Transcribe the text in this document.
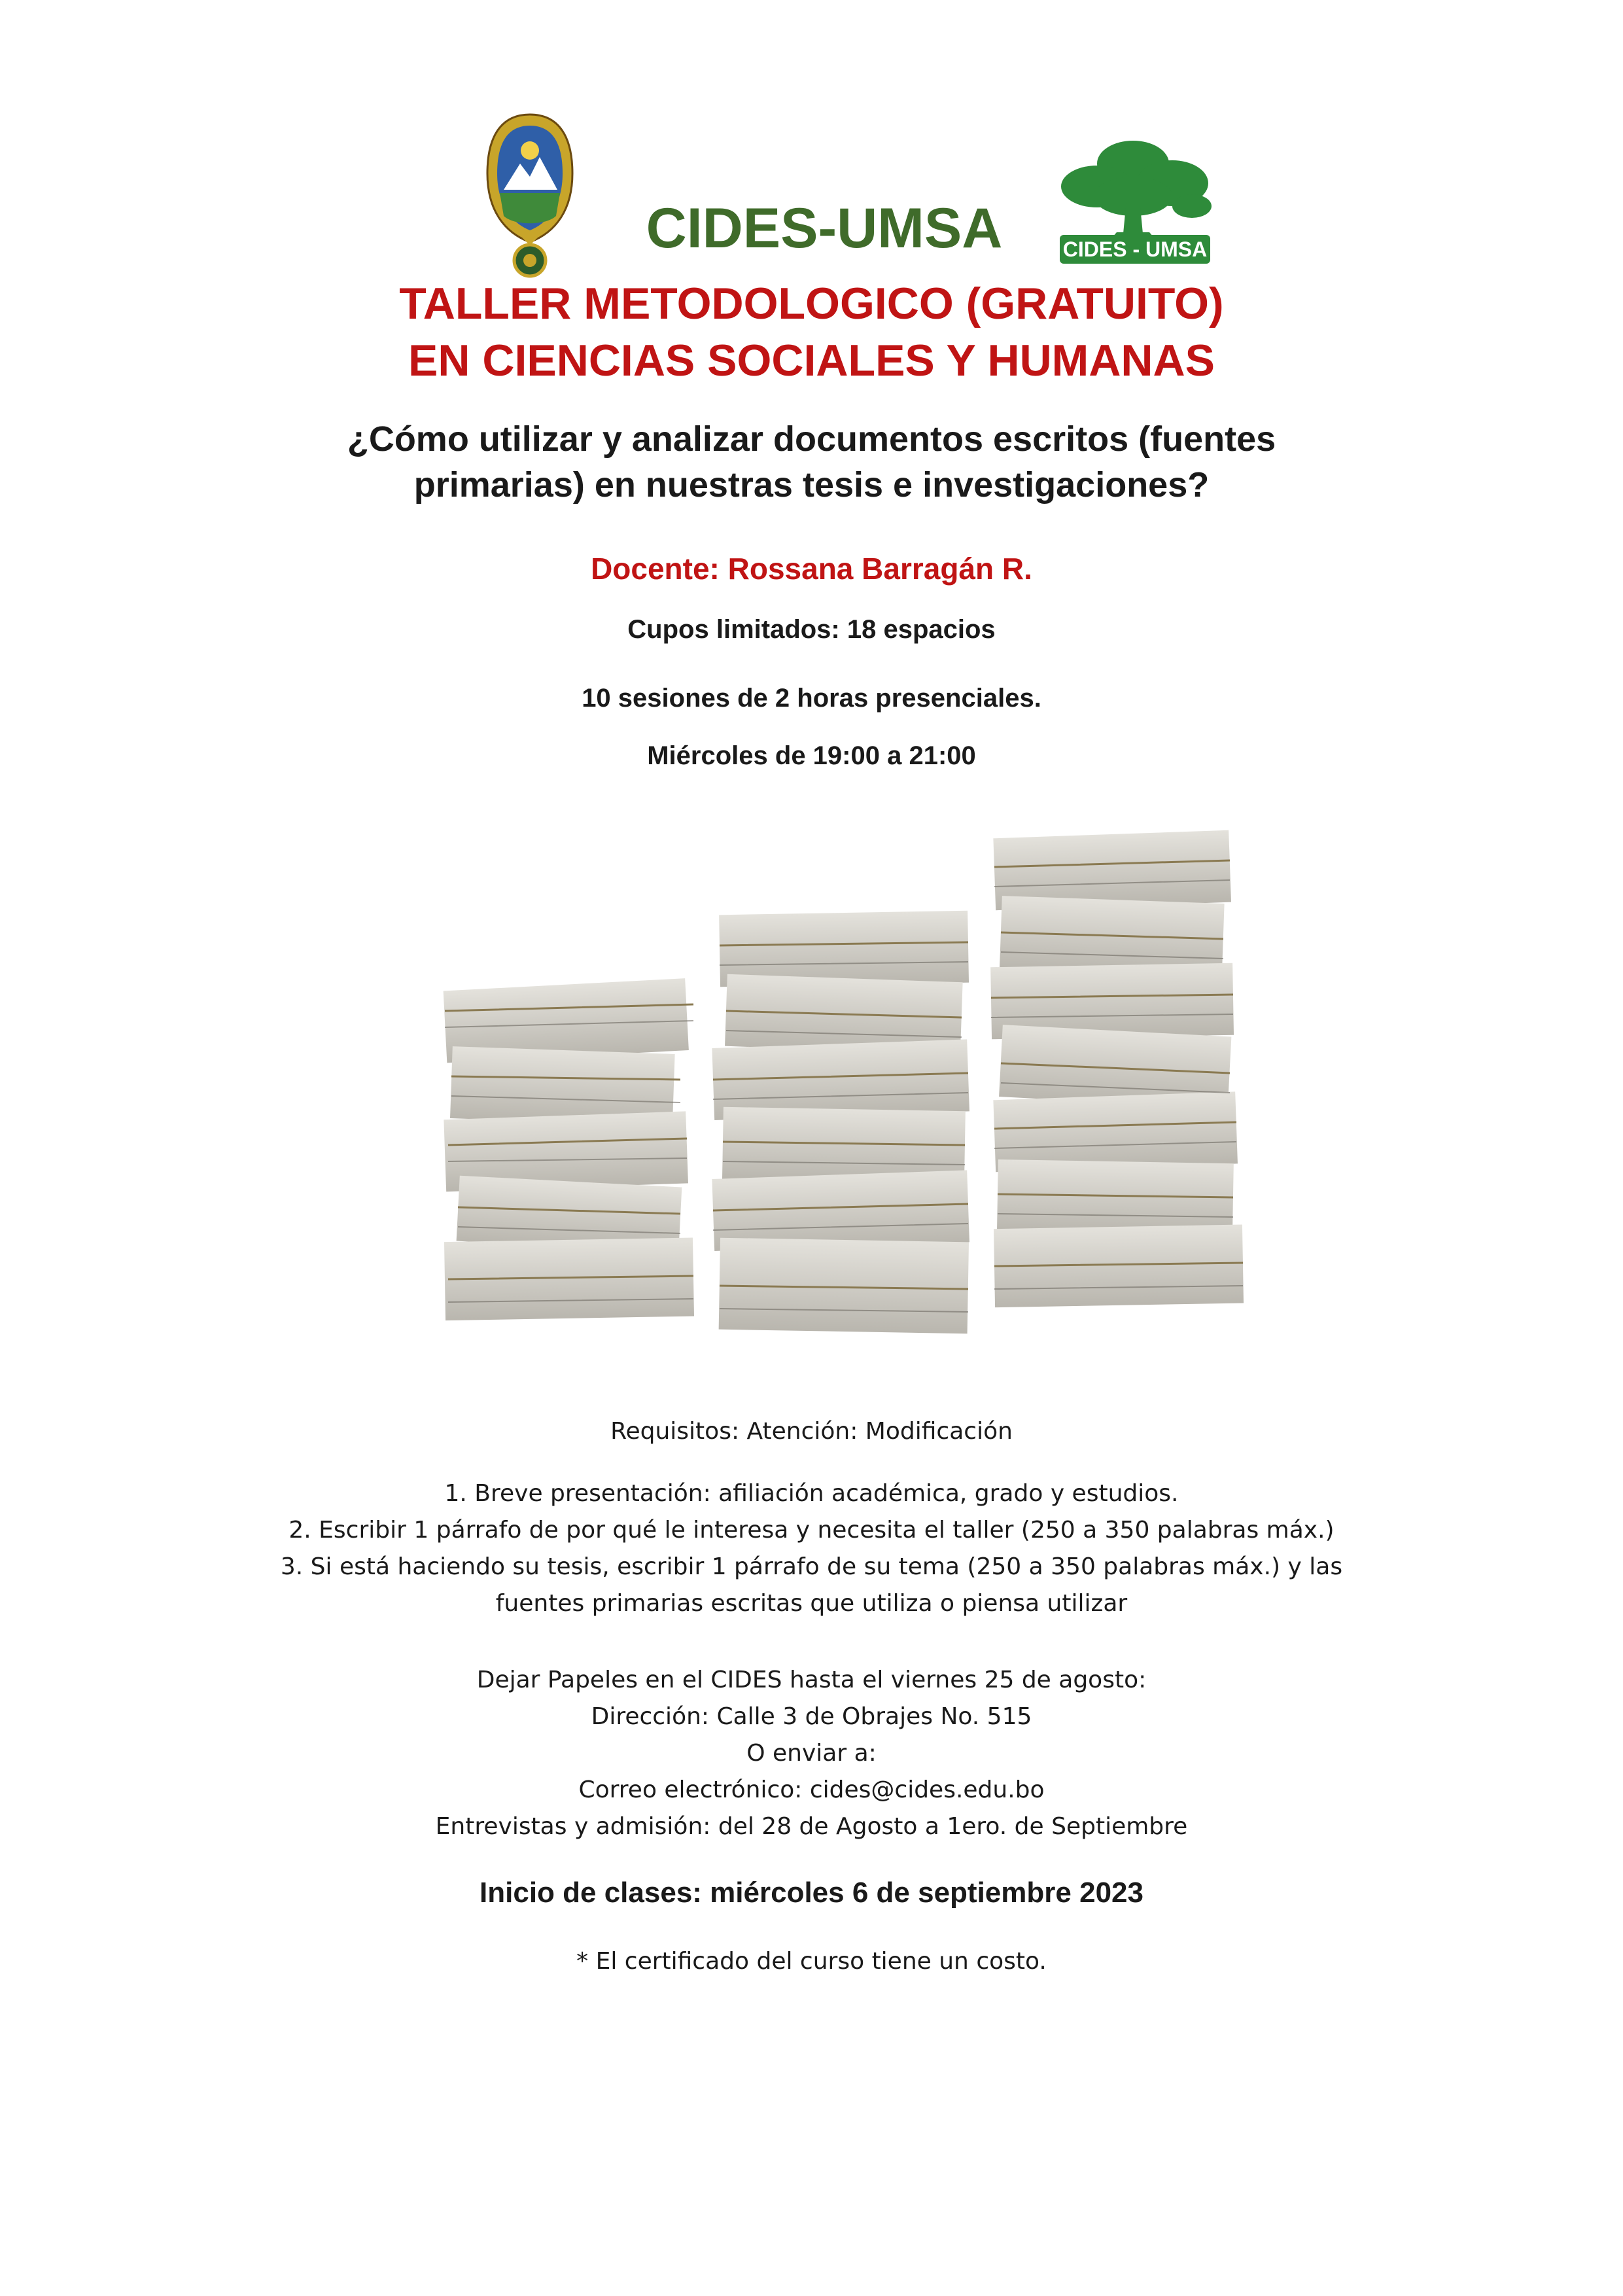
CIDES-UMSA	CIDES - UMSA
TALLER METODOLOGICO (GRATUITO)
EN CIENCIAS SOCIALES Y HUMANAS
¿Cómo utilizar y analizar documentos escritos (fuentes
primarias) en nuestras tesis e investigaciones?
Docente: Rossana Barragán R.
Cupos limitados: 18 espacios
10 sesiones de 2 horas presenciales.
Miércoles de 19:00 a 21:00
Requisitos: Atención: Modificación
1. Breve presentación: afiliación académica, grado y estudios.
2. Escribir 1 párrafo de por qué le interesa y necesita el taller (250 a 350 palabras máx.)
3. Si está haciendo su tesis, escribir 1 párrafo de su tema (250 a 350 palabras máx.) y las
fuentes primarias escritas que utiliza o piensa utilizar
Dejar Papeles en el CIDES hasta el viernes 25 de agosto:
Dirección: Calle 3 de Obrajes No. 515
O enviar a:
Correo electrónico: cides@cides.edu.bo
Entrevistas y admisión: del 28 de Agosto a 1ero. de Septiembre
Inicio de clases: miércoles 6 de septiembre 2023
* El certificado del curso tiene un costo.
